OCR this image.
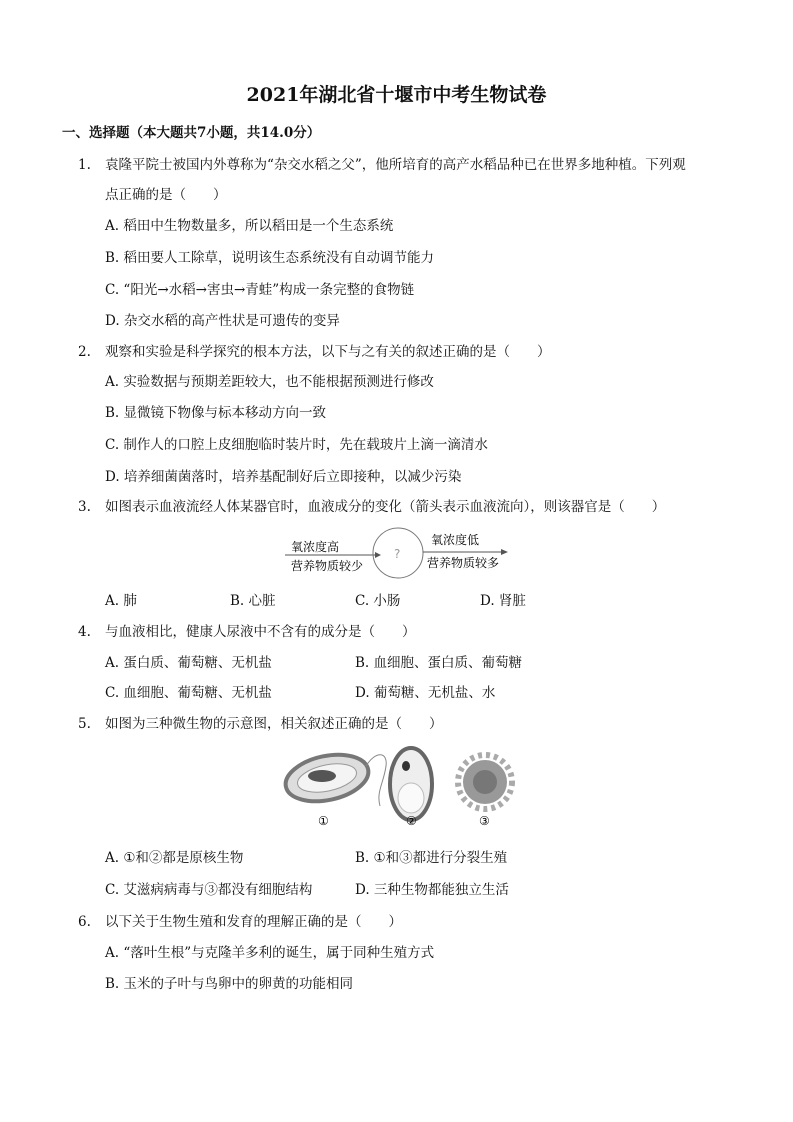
2021年湖北省十堰市中考生物试卷
一、选择题（本大题共7小题，共14.0分）
1. 袁隆平院士被国内外尊称为“杂交水稻之父”，他所培育的高产水稻品种已在世界多地种植。下列观
点正确的是（　　）
A. 稻田中生物数量多，所以稻田是一个生态系统
B. 稻田要人工除草，说明该生态系统没有自动调节能力
C. “阳光→水稻→害虫→青蛙”构成一条完整的食物链
D. 杂交水稻的高产性状是可遗传的变异
2. 观察和实验是科学探究的根本方法，以下与之有关的叙述正确的是（　　）
A. 实验数据与预期差距较大，也不能根据预测进行修改
B. 显微镜下物像与标本移动方向一致
C. 制作人的口腔上皮细胞临时装片时，先在载玻片上滴一滴清水
D. 培养细菌菌落时，培养基配制好后立即接种，以减少污染
3. 如图表示血液流经人体某器官时，血液成分的变化（箭头表示血液流向），则该器官是（　　）
氧浓度高
营养物质较少
?
氧浓度低
营养物质较多
A. 肺	B. 心脏	C. 小肠	D. 肾脏
4. 与血液相比，健康人尿液中不含有的成分是（　　）
A. 蛋白质、葡萄糖、无机盐	B. 血细胞、蛋白质、葡萄糖
C. 血细胞、葡萄糖、无机盐	D. 葡萄糖、无机盐、水
5. 如图为三种微生物的示意图，相关叙述正确的是（　　）
①	②	③
A. ①和②都是原核生物	B. ①和③都进行分裂生殖
C. 艾滋病病毒与③都没有细胞结构	D. 三种生物都能独立生活
6. 以下关于生物生殖和发育的理解正确的是（　　）
A. “落叶生根”与克隆羊多利的诞生，属于同种生殖方式
B. 玉米的子叶与鸟卵中的卵黄的功能相同
